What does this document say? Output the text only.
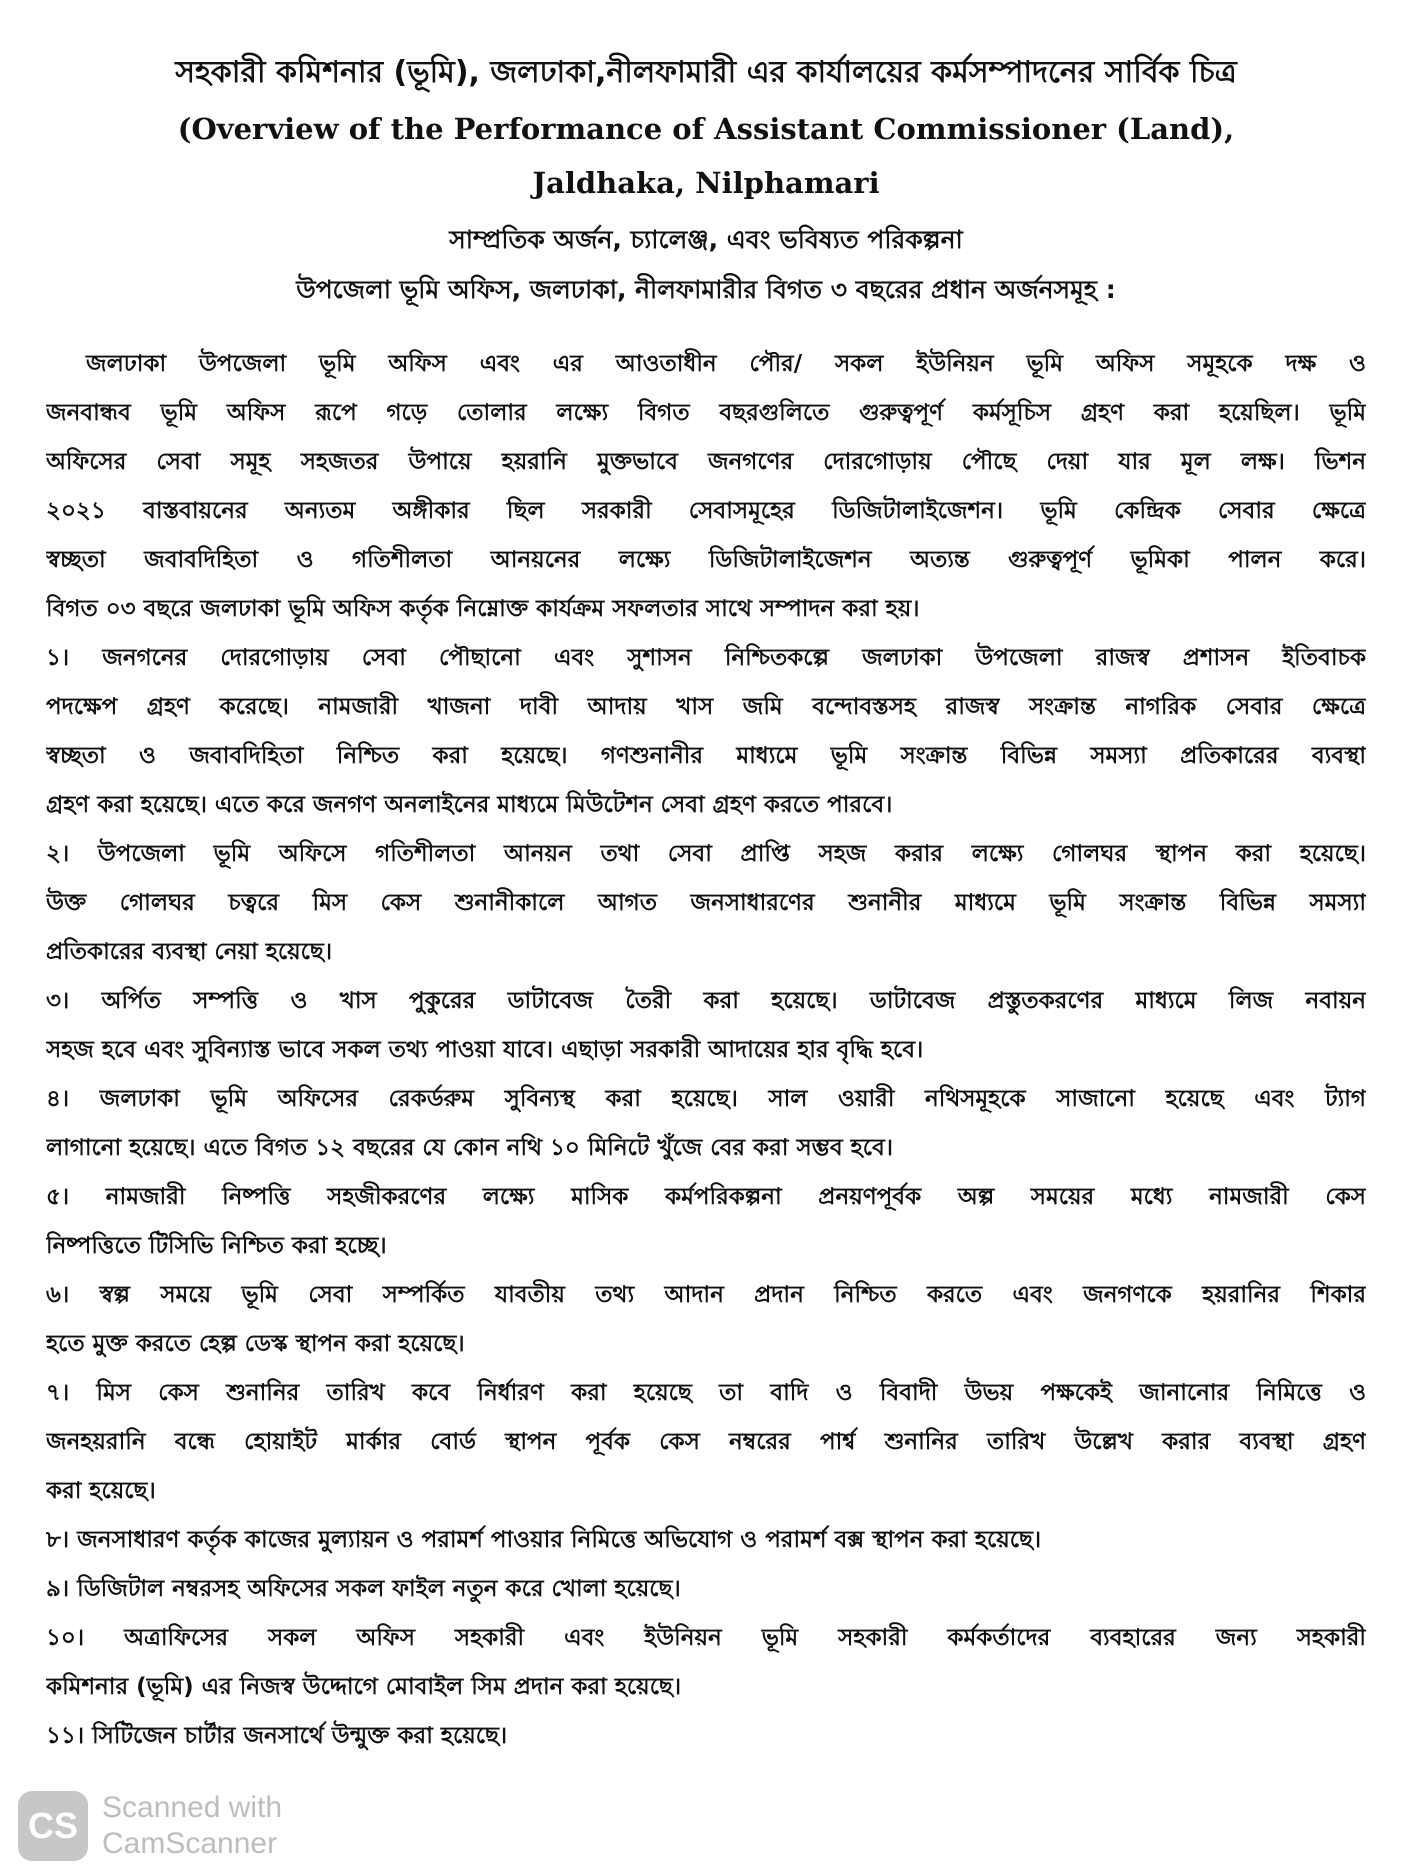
সহকারী কমিশনার (ভূমি), জলঢাকা,নীলফামারী এর কার্যালয়ের কর্মসম্পাদনের সার্বিক চিত্র
(Overview of the Performance of Assistant Commissioner (Land),
Jaldhaka, Nilphamari
সাম্প্রতিক অর্জন, চ্যালেঞ্জ, এবং ভবিষ্যত পরিকল্পনা
উপজেলা ভূমি অফিস, জলঢাকা, নীলফামারীর বিগত ৩ বছরের প্রধান অর্জনসমূহ :
জলঢাকা উপজেলা ভূমি অফিস এবং এর আওতাধীন পৌর/ সকল ইউনিয়ন ভূমি অফিস সমূহকে দক্ষ ও
জনবান্ধব ভূমি অফিস রূপে গড়ে তোলার লক্ষ্যে বিগত বছরগুলিতে গুরুত্বপূর্ণ কর্মসূচিস গ্রহণ করা হয়েছিল। ভূমি
অফিসের সেবা সমূহ সহজতর উপায়ে হয়রানি মুক্তভাবে জনগণের দোরগোড়ায় পৌছে দেয়া যার মূল লক্ষ। ভিশন
২০২১ বাস্তবায়নের অন্যতম অঙ্গীকার ছিল সরকারী সেবাসমূহের ডিজিটালাইজেশন। ভূমি কেন্দ্রিক সেবার ক্ষেত্রে
স্বচ্ছতা জবাবদিহিতা ও গতিশীলতা আনয়নের লক্ষ্যে ডিজিটালাইজেশন অত্যন্ত গুরুত্বপূর্ণ ভূমিকা পালন করে।
বিগত ০৩ বছরে জলঢাকা ভূমি অফিস কর্তৃক নিম্নোক্ত কার্যক্রম সফলতার সাথে সম্পাদন করা হয়।
১। জনগনের দোরগোড়ায় সেবা পৌছানো এবং সুশাসন নিশ্চিতকল্পে জলঢাকা উপজেলা রাজস্ব প্রশাসন ইতিবাচক
পদক্ষেপ গ্রহণ করেছে। নামজারী খাজনা দাবী আদায় খাস জমি বন্দোবস্তসহ রাজস্ব সংক্রান্ত নাগরিক সেবার ক্ষেত্রে
স্বচ্ছতা ও জবাবদিহিতা নিশ্চিত করা হয়েছে। গণশুনানীর মাধ্যমে ভূমি সংক্রান্ত বিভিন্ন সমস্যা প্রতিকারের ব্যবস্থা
গ্রহণ করা হয়েছে। এতে করে জনগণ অনলাইনের মাধ্যমে মিউটেশন সেবা গ্রহণ করতে পারবে।
২। উপজেলা ভূমি অফিসে গতিশীলতা আনয়ন তথা সেবা প্রাপ্তি সহজ করার লক্ষ্যে গোলঘর স্থাপন করা হয়েছে।
উক্ত গোলঘর চত্বরে মিস কেস শুনানীকালে আগত জনসাধারণের শুনানীর মাধ্যমে ভূমি সংক্রান্ত বিভিন্ন সমস্যা
প্রতিকারের ব্যবস্থা নেয়া হয়েছে।
৩। অর্পিত সম্পত্তি ও খাস পুকুরের ডাটাবেজ তৈরী করা হয়েছে। ডাটাবেজ প্রস্তুতকরণের মাধ্যমে লিজ নবায়ন
সহজ হবে এবং সুবিন্যাস্ত ভাবে সকল তথ্য পাওয়া যাবে। এছাড়া সরকারী আদায়ের হার বৃদ্ধি হবে।
৪। জলঢাকা ভূমি অফিসের রেকর্ডরুম সুবিন্যস্থ করা হয়েছে। সাল ওয়ারী নথিসমূহকে সাজানো হয়েছে এবং ট্যাগ
লাগানো হয়েছে। এতে বিগত ১২ বছরের যে কোন নথি ১০ মিনিটে খুঁজে বের করা সম্ভব হবে।
৫। নামজারী নিষ্পত্তি সহজীকরণের লক্ষ্যে মাসিক কর্মপরিকল্পনা প্রনয়ণপূর্বক অল্প সময়ের মধ্যে নামজারী কেস
নিষ্পত্তিতে টিসিভি নিশ্চিত করা হচ্ছে।
৬। স্বল্প সময়ে ভূমি সেবা সম্পর্কিত যাবতীয় তথ্য আদান প্রদান নিশ্চিত করতে এবং জনগণকে হয়রানির শিকার
হতে মুক্ত করতে হেল্প ডেস্ক স্থাপন করা হয়েছে।
৭। মিস কেস শুনানির তারিখ কবে নির্ধারণ করা হয়েছে তা বাদি ও বিবাদী উভয় পক্ষকেই জানানোর নিমিত্তে ও
জনহয়রানি বন্ধে হোয়াইট মার্কার বোর্ড স্থাপন পূর্বক কেস নম্বরের পার্শ্ব শুনানির তারিখ উল্লেখ করার ব্যবস্থা গ্রহণ
করা হয়েছে।
৮। জনসাধারণ কর্তৃক কাজের মুল্যায়ন ও পরামর্শ পাওয়ার নিমিত্তে অভিযোগ ও পরামর্শ বক্স স্থাপন করা হয়েছে।
৯। ডিজিটাল নম্বরসহ অফিসের সকল ফাইল নতুন করে খোলা হয়েছে।
১০। অত্রাফিসের সকল অফিস সহকারী এবং ইউনিয়ন ভূমি সহকারী কর্মকর্তাদের ব্যবহারের জন্য সহকারী
কমিশনার (ভূমি) এর নিজস্ব উদ্দোগে মোবাইল সিম প্রদান করা হয়েছে।
১১। সিটিজেন চার্টার জনসার্থে উন্মুক্ত করা হয়েছে।
CS Scanned with
CamScanner
